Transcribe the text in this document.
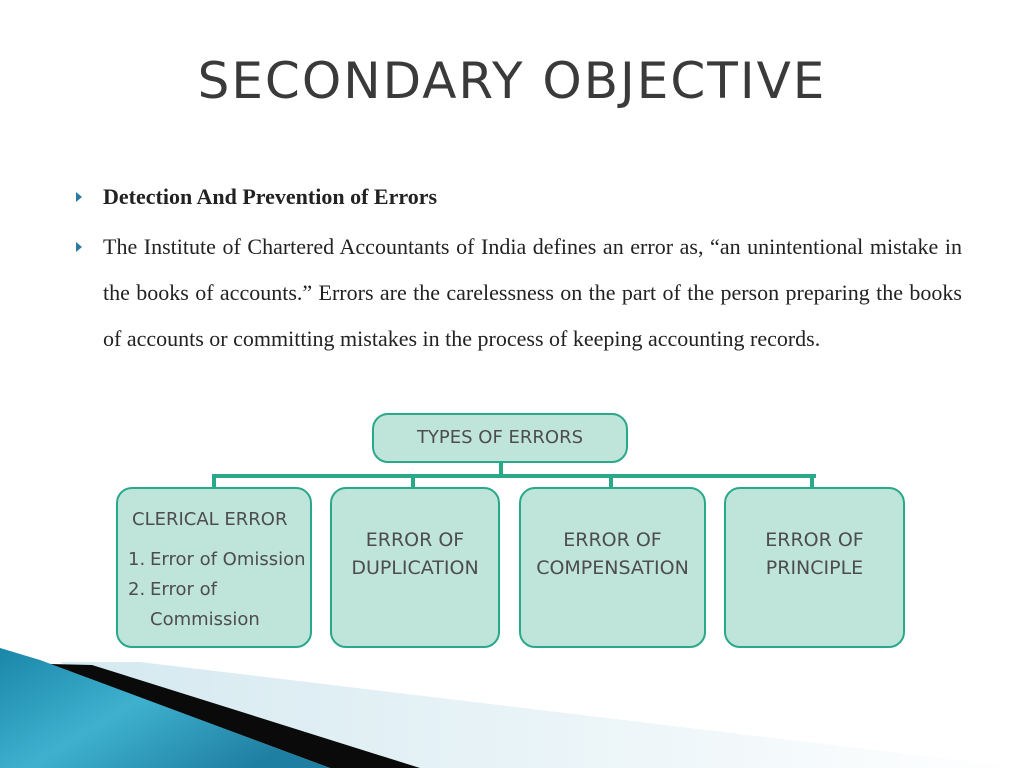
SECONDARY OBJECTIVE
Detection And Prevention of Errors
The Institute of Chartered Accountants of India defines an error as, “an unintentional mistake in the books of accounts.” Errors are the carelessness on the part of the person preparing the books of accounts or committing mistakes in the process of keeping accounting records.
TYPES OF ERRORS
CLERICAL ERROR
1. Error of Omission
2. Error of
Commission
ERROR OF
DUPLICATION
ERROR OF
COMPENSATION
ERROR OF
PRINCIPLE
